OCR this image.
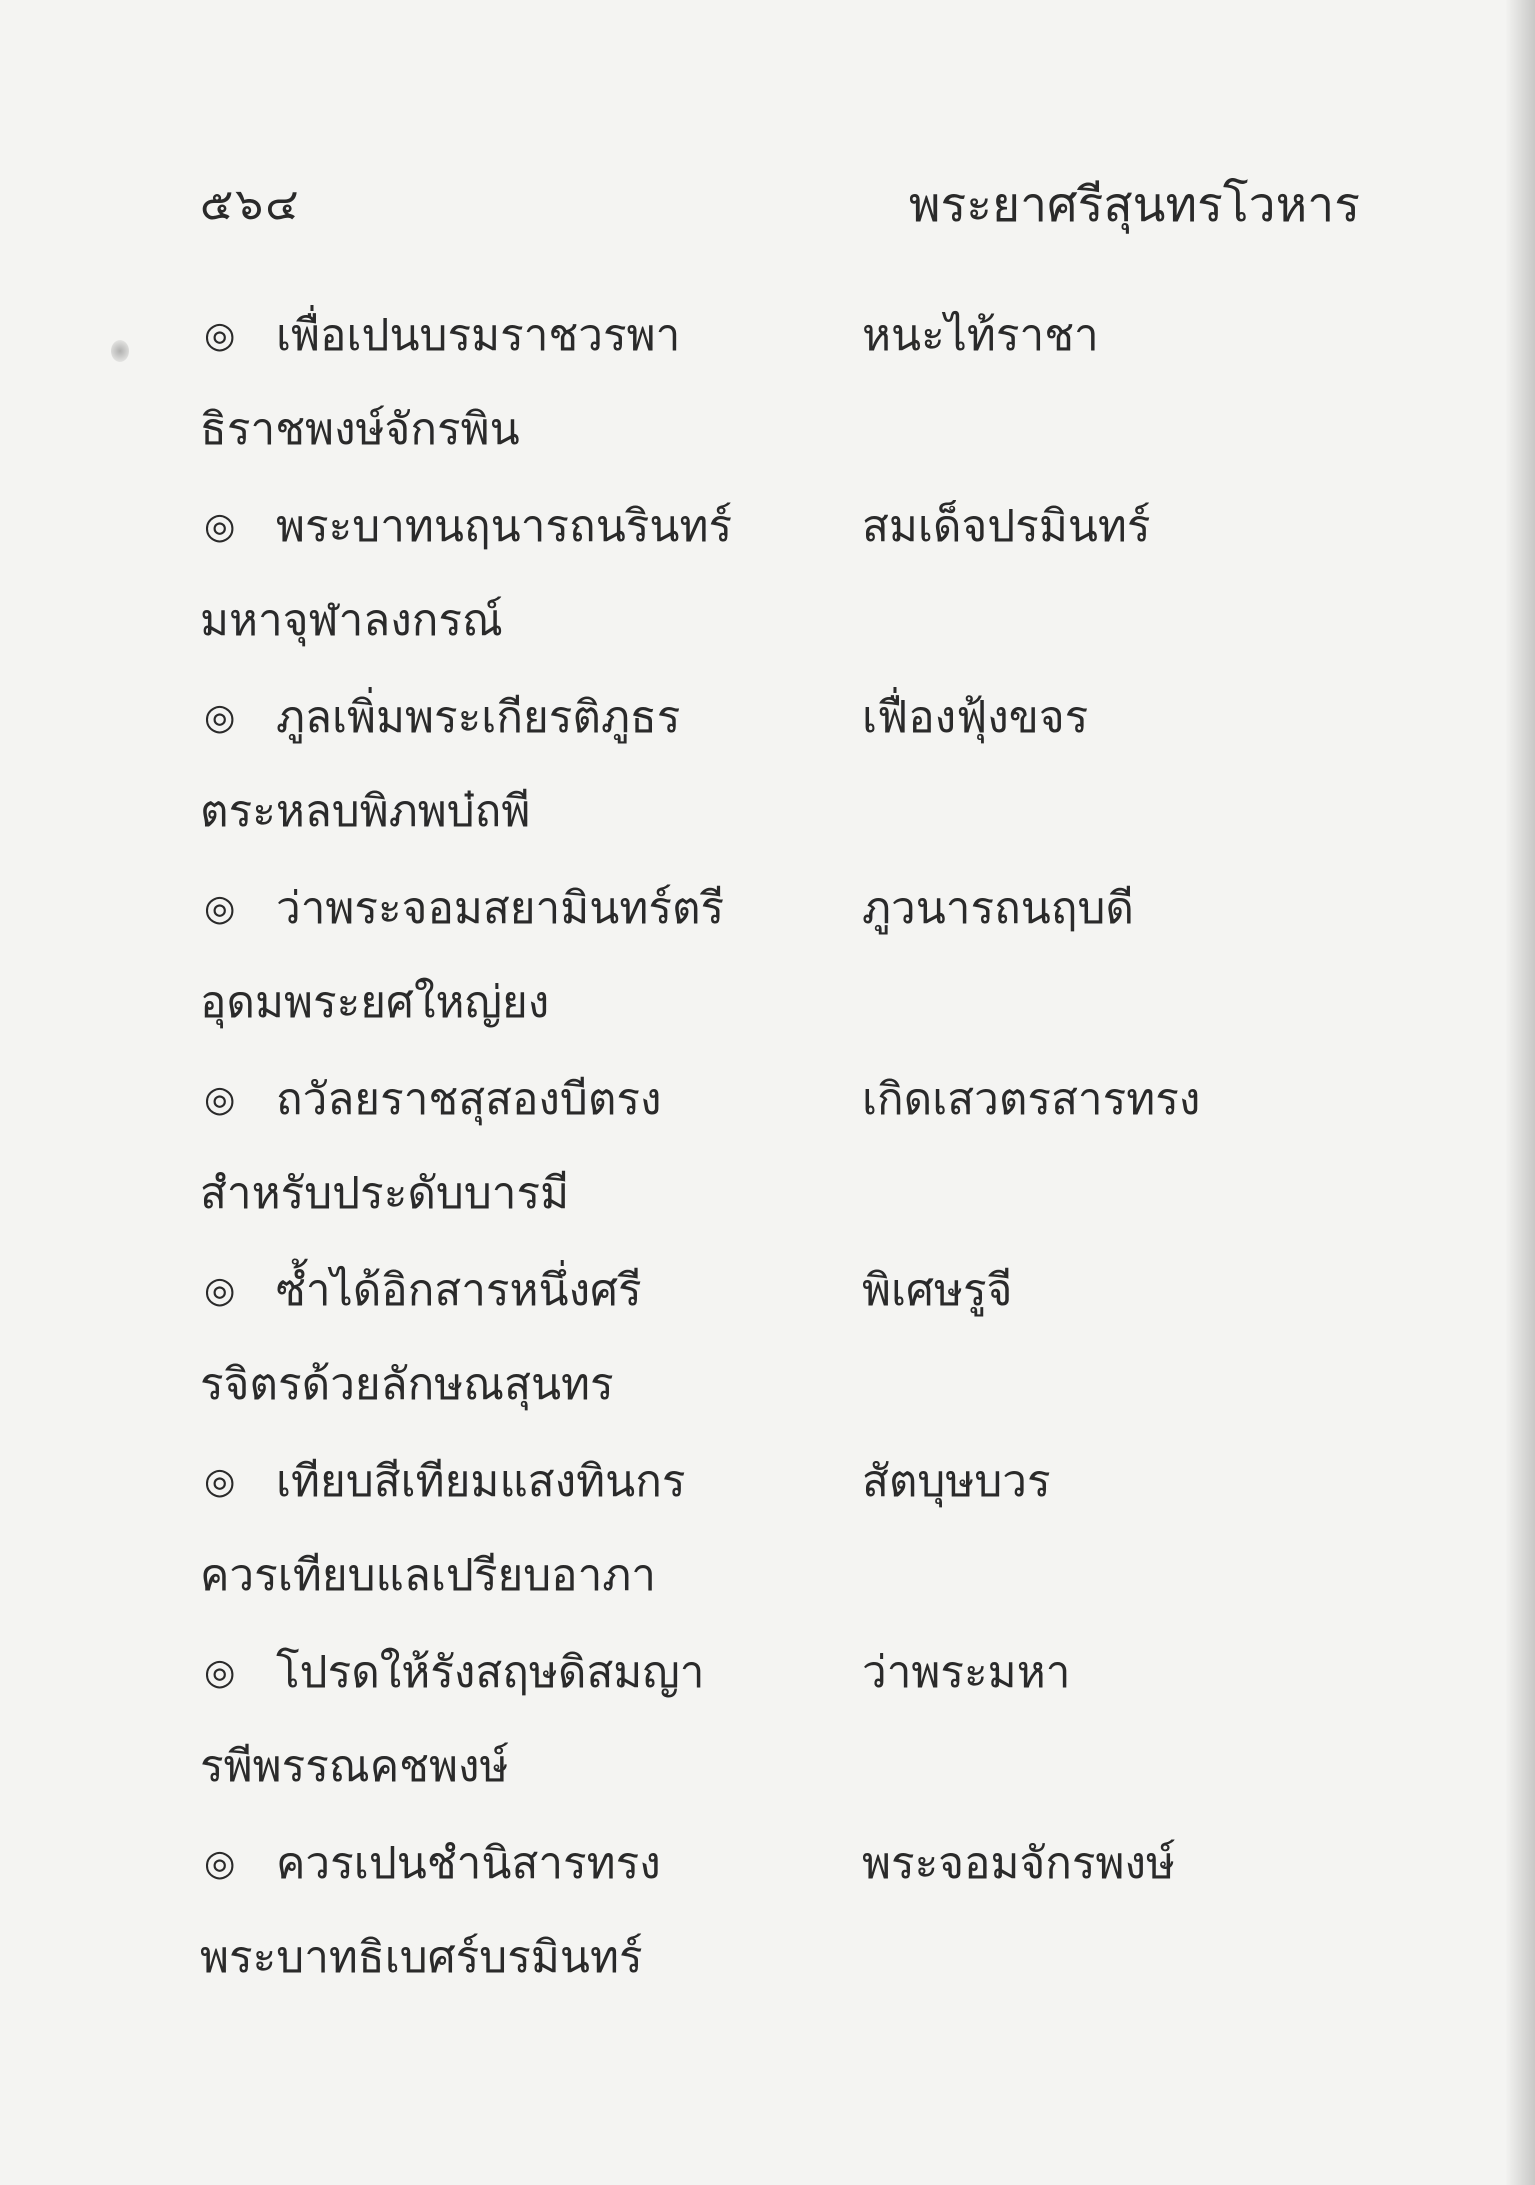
๕๖๔	พระยาศรีสุนทรโวหาร
◎ เพื่อเปนบรมราชวรพา	หนะไท้ราชา
ธิราชพงษ์จักรพิน
◎ พระบาทนฤนารถนรินทร์	สมเด็จปรมินทร์
มหาจุฬาลงกรณ์
◎ ภูลเพิ่มพระเกียรติภูธร	เฟื่องฟุ้งขจร
ตระหลบพิภพบ๋ถพี
◎ ว่าพระจอมสยามินทร์ตรี	ภูวนารถนฤบดี
อุดมพระยศใหญ่ยง
◎ ถวัลยราชสุสองบีตรง	เกิดเสวตรสารทรง
สำหรับประดับบารมี
◎ ซ้ำได้อิกสารหนึ่งศรี	พิเศษรูจี
รจิตรด้วยลักษณสุนทร
◎ เทียบสีเทียมแสงทินกร	สัตบุษบวร
ควรเทียบแลเปรียบอาภา
◎ โปรดให้รังสฤษดิสมญา	ว่าพระมหา
รพีพรรณคชพงษ์
◎ ควรเปนชำนิสารทรง	พระจอมจักรพงษ์
พระบาทธิเบศร์บรมินทร์
